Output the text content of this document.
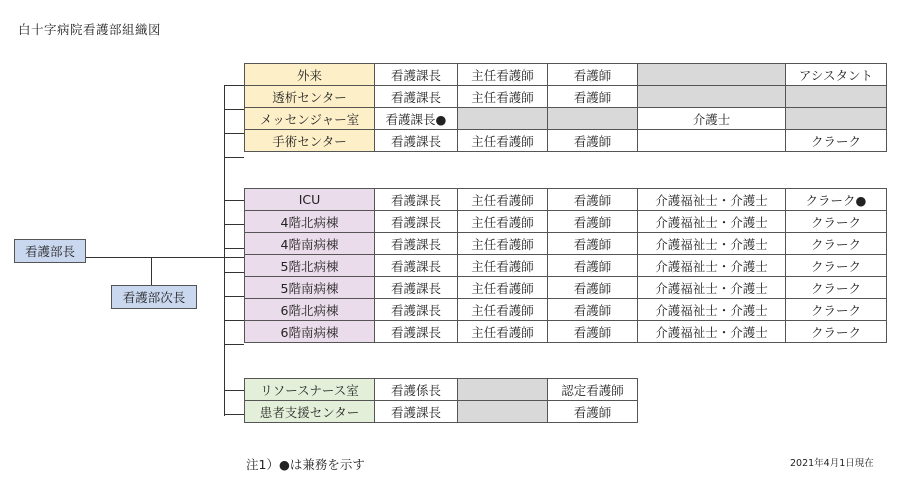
白十字病院看護部組織図
看護部長
看護部次長
外来	看護課長	主任看護師	看護師		アシスタント
透析センター	看護課長	主任看護師	看護師		
メッセンジャー室	看護課長●			介護士	
手術センター	看護課長	主任看護師	看護師		クラーク
ICU	看護課長	主任看護師	看護師	介護福祉士・介護士	クラーク●
4階北病棟	看護課長	主任看護師	看護師	介護福祉士・介護士	クラーク
4階南病棟	看護課長	主任看護師	看護師	介護福祉士・介護士	クラーク
5階北病棟	看護課長	主任看護師	看護師	介護福祉士・介護士	クラーク
5階南病棟	看護課長	主任看護師	看護師	介護福祉士・介護士	クラーク
6階北病棟	看護課長	主任看護師	看護師	介護福祉士・介護士	クラーク
6階南病棟	看護課長	主任看護師	看護師	介護福祉士・介護士	クラーク
リソースナース室	看護係長		認定看護師
患者支援センター	看護課長		看護師
注1）●は兼務を示す	2021年4月1日現在
